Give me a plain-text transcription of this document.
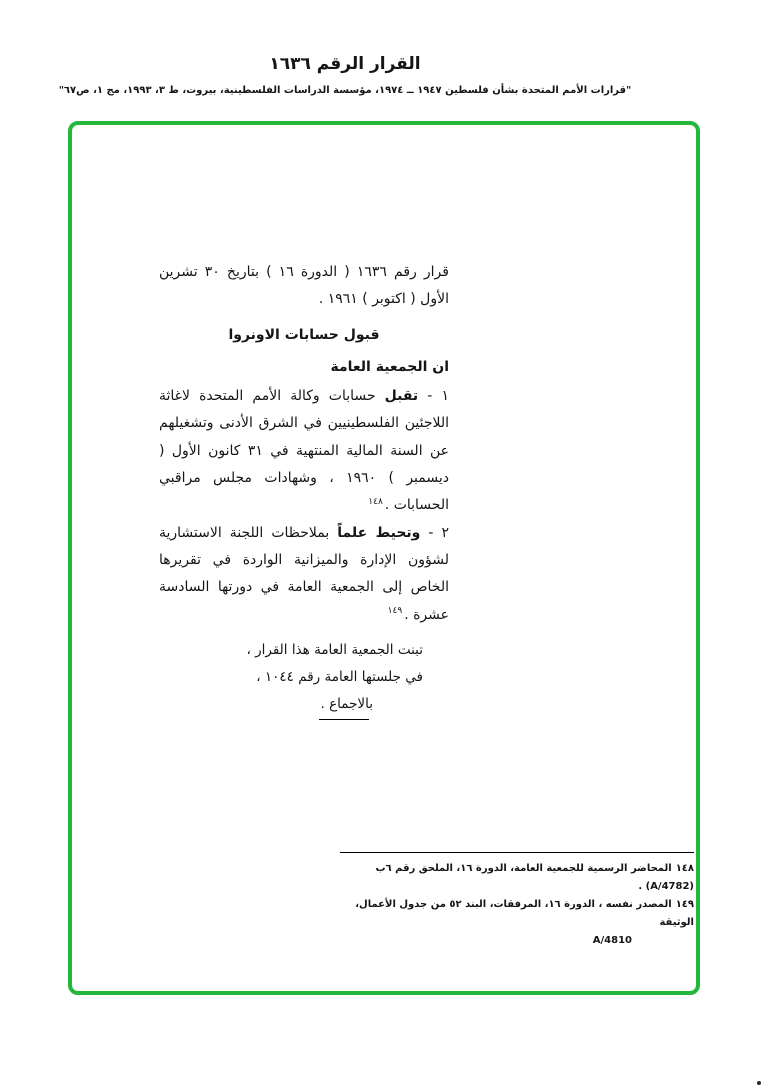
القرار الرقم ١٦٣٦
"قرارات الأمم المتحدة بشأن فلسطين ١٩٤٧ ــ ١٩٧٤، مؤسسة الدراسات الفلسطينية، بيروت، ط ٣، ١٩٩٣، مج ١، ص٦٧"

قرار رقم ١٦٣٦ ( الدورة ١٦ ) بتاريخ ٣٠ تشرين الأول ( اكتوبر ) ١٩٦١ .

قبول حسابات الاونروا
ان الجمعية العامة

١ - تقبل حسابات وكالة الأمم المتحدة لاغاثة اللاجئين الفلسطينيين في الشرق الأدنى وتشغيلهم عن السنة المالية المنتهية في ٣١ كانون الأول ( ديسمبر ) ١٩٦٠ ، وشهادات مجلس مراقبي الحسابات .$^{١٤٨}$

٢ - وتحيط علماً بملاحظات اللجنة الاستشارية لشؤون الإدارة والميزانية الواردة في تقريرها الخاص إلى الجمعية العامة في دورتها السادسة عشرة .$^{١٤٩}$

تبنت الجمعية العامة هذا القرار ،
في جلستها العامة رقم ١٠٤٤ ،
بالاجماع .
١٤٨المحاضر الرسمية للجمعية العامة، الدورة ١٦، الملحق رقم ٦ب (A/4782) .
١٤٩المصدر نفسه ، الدورة ١٦، المرفقات، البند ٥٢ من جدول الأعمال، الوثيقة
A/4810
